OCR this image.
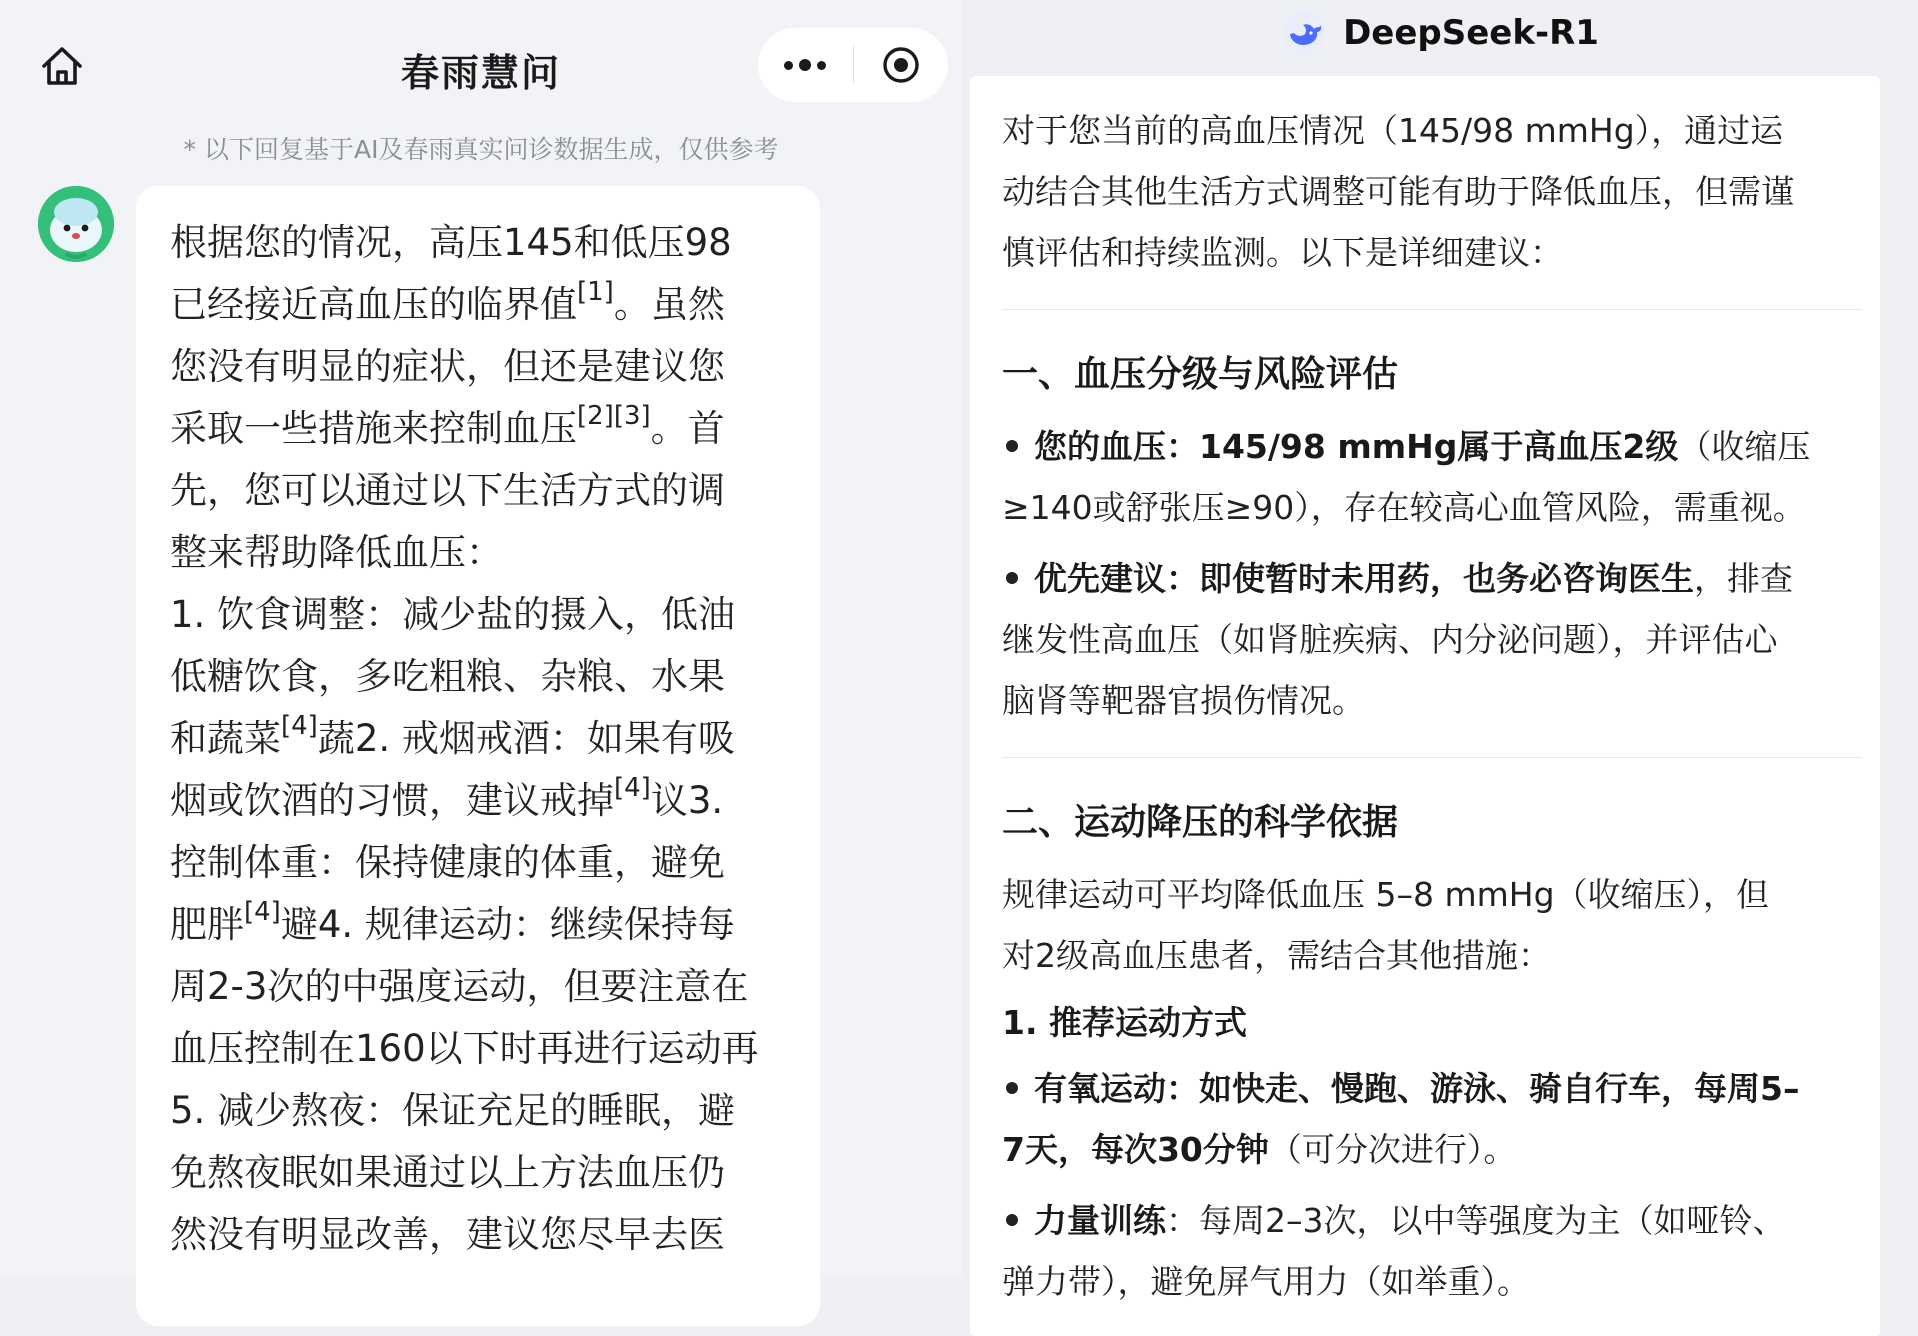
春雨慧问
* 以下回复基于AI及春雨真实问诊数据生成，仅供参考
根据您的情况，高压145和低压98
已经接近高血压的临界值[1]。虽然
您没有明显的症状，但还是建议您
采取一些措施来控制血压[2][3]。首
先，您可以通过以下生活方式的调
整来帮助降低血压：
1. 饮食调整：减少盐的摄入，低油
低糖饮食，多吃粗粮、杂粮、水果
和蔬菜[4]蔬2. 戒烟戒酒：如果有吸
烟或饮酒的习惯，建议戒掉[4]议3.
控制体重：保持健康的体重，避免
肥胖[4]避4. 规律运动：继续保持每
周2-3次的中强度运动，但要注意在
血压控制在160以下时再进行运动再
5. 减少熬夜：保证充足的睡眠，避
免熬夜眠如果通过以上方法血压仍
然没有明显改善，建议您尽早去医
DeepSeek-R1

对于您当前的高血压情况（145/98 mmHg），通过运
动结合其他生活方式调整可能有助于降低血压，但需谨
慎评估和持续监测。以下是详细建议：

一、血压分级与风险评估
您的血压：145/98 mmHg属于高血压2级（收缩压
≥140或舒张压≥90），存在较高心血管风险，需重视。
优先建议：即使暂时未用药，也务必咨询医生，排查
继发性高血压（如肾脏疾病、内分泌问题），并评估心
脑肾等靶器官损伤情况。
二、运动降压的科学依据

规律运动可平均降低血压 5–8 mmHg（收缩压），但
对2级高血压患者，需结合其他措施：

1. 推荐运动方式
有氧运动：如快走、慢跑、游泳、骑自行车，每周5–
7天，每次30分钟（可分次进行）。
力量训练：每周2–3次，以中等强度为主（如哑铃、
弹力带），避免屏气用力（如举重）。
